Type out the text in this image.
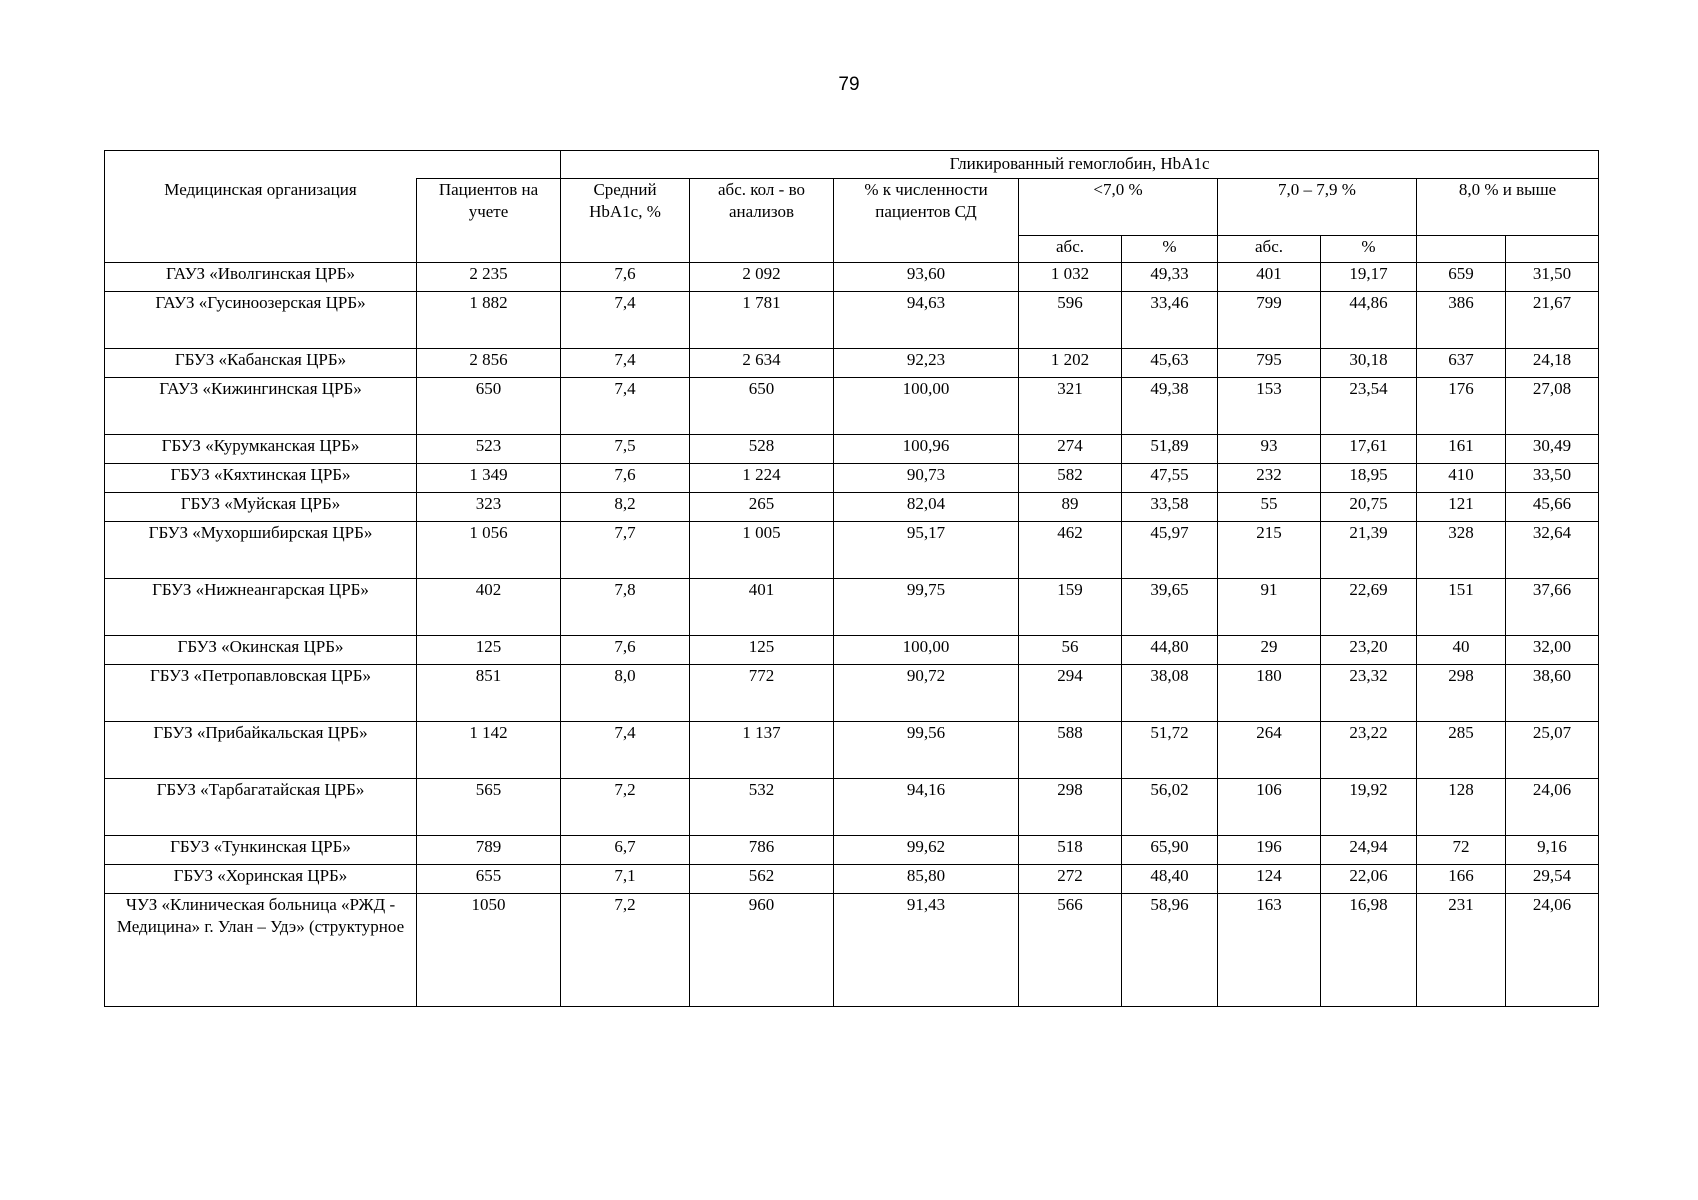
79
		Гликированный гемоглобин, HbA1c								
Медицинская организация	Пациентов на учете	Средний HbA1c, %	абс. кол - во анализов	% к численности пациентов СД	<7,0 %		7,0 – 7,9 %		8,0 % и выше	
					абс.	%	абс.	%		
ГАУЗ «Иволгинская ЦРБ»	2 235	7,6	2 092	93,60	1 032	49,33	401	19,17	659	31,50
ГАУЗ «Гусиноозерская ЦРБ»	1 882	7,4	1 781	94,63	596	33,46	799	44,86	386	21,67
ГБУЗ «Кабанская ЦРБ»	2 856	7,4	2 634	92,23	1 202	45,63	795	30,18	637	24,18
ГАУЗ «Кижингинская ЦРБ»	650	7,4	650	100,00	321	49,38	153	23,54	176	27,08
ГБУЗ «Курумканская ЦРБ»	523	7,5	528	100,96	274	51,89	93	17,61	161	30,49
ГБУЗ «Кяхтинская ЦРБ»	1 349	7,6	1 224	90,73	582	47,55	232	18,95	410	33,50
ГБУЗ «Муйская ЦРБ»	323	8,2	265	82,04	89	33,58	55	20,75	121	45,66
ГБУЗ «Мухоршибирская ЦРБ»	1 056	7,7	1 005	95,17	462	45,97	215	21,39	328	32,64
ГБУЗ «Нижнеангарская ЦРБ»	402	7,8	401	99,75	159	39,65	91	22,69	151	37,66
ГБУЗ «Окинская ЦРБ»	125	7,6	125	100,00	56	44,80	29	23,20	40	32,00
ГБУЗ «Петропавловская ЦРБ»	851	8,0	772	90,72	294	38,08	180	23,32	298	38,60
ГБУЗ «Прибайкальская ЦРБ»	1 142	7,4	1 137	99,56	588	51,72	264	23,22	285	25,07
ГБУЗ «Тарбагатайская ЦРБ»	565	7,2	532	94,16	298	56,02	106	19,92	128	24,06
ГБУЗ «Тункинская ЦРБ»	789	6,7	786	99,62	518	65,90	196	24,94	72	9,16
ГБУЗ «Хоринская ЦРБ»	655	7,1	562	85,80	272	48,40	124	22,06	166	29,54
ЧУЗ «Клиническая больница «РЖД - Медицина» г. Улан – Удэ» (структурное	1050	7,2	960	91,43	566	58,96	163	16,98	231	24,06
